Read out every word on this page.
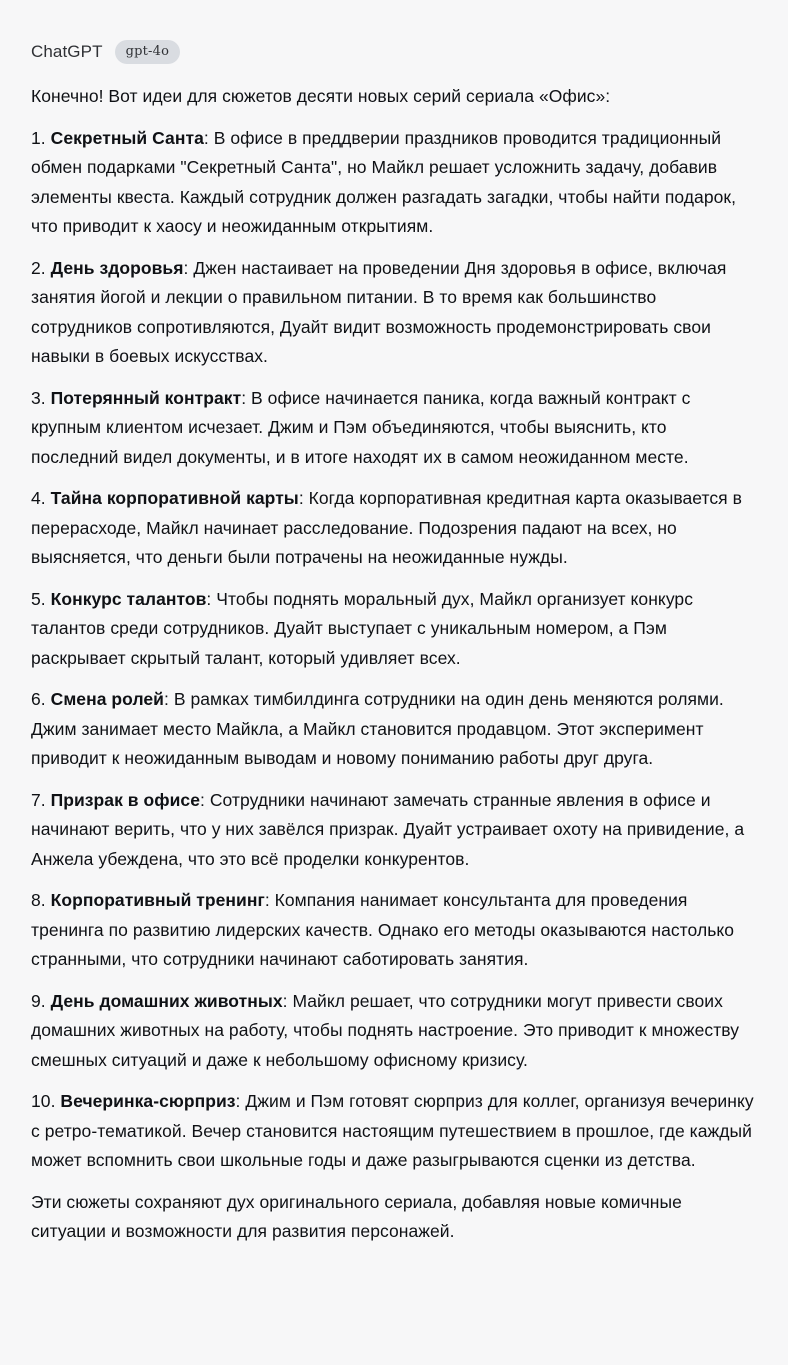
ChatGPT	gpt-4o

Конечно! Вот идеи для сюжетов десяти новых серий сериала «Офис»:

1. Секретный Санта: В офисе в преддверии праздников проводится традиционный обмен подарками "Секретный Санта", но Майкл решает усложнить задачу, добавив элементы квеста. Каждый сотрудник должен разгадать загадки, чтобы найти подарок, что приводит к хаосу и неожиданным открытиям.

2. День здоровья: Джен настаивает на проведении Дня здоровья в офисе, включая занятия йогой и лекции о правильном питании. В то время как большинство сотрудников сопротивляются, Дуайт видит возможность продемонстрировать свои навыки в боевых искусствах.

3. Потерянный контракт: В офисе начинается паника, когда важный контракт с крупным клиентом исчезает. Джим и Пэм объединяются, чтобы выяснить, кто последний видел документы, и в итоге находят их в самом неожиданном месте.

4. Тайна корпоративной карты: Когда корпоративная кредитная карта оказывается в перерасходе, Майкл начинает расследование. Подозрения падают на всех, но выясняется, что деньги были потрачены на неожиданные нужды.

5. Конкурс талантов: Чтобы поднять моральный дух, Майкл организует конкурс талантов среди сотрудников. Дуайт выступает с уникальным номером, а Пэм раскрывает скрытый талант, который удивляет всех.

6. Смена ролей: В рамках тимбилдинга сотрудники на один день меняются ролями. Джим занимает место Майкла, а Майкл становится продавцом. Этот эксперимент приводит к неожиданным выводам и новому пониманию работы друг друга.

7. Призрак в офисе: Сотрудники начинают замечать странные явления в офисе и начинают верить, что у них завёлся призрак. Дуайт устраивает охоту на привидение, а Анжела убеждена, что это всё проделки конкурентов.

8. Корпоративный тренинг: Компания нанимает консультанта для проведения тренинга по развитию лидерских качеств. Однако его методы оказываются настолько странными, что сотрудники начинают саботировать занятия.

9. День домашних животных: Майкл решает, что сотрудники могут привести своих домашних животных на работу, чтобы поднять настроение. Это приводит к множеству смешных ситуаций и даже к небольшому офисному кризису.

10. Вечеринка-сюрприз: Джим и Пэм готовят сюрприз для коллег, организуя вечеринку с ретро-тематикой. Вечер становится настоящим путешествием в прошлое, где каждый может вспомнить свои школьные годы и даже разыгрываются сценки из детства.

Эти сюжеты сохраняют дух оригинального сериала, добавляя новые комичные ситуации и возможности для развития персонажей.
